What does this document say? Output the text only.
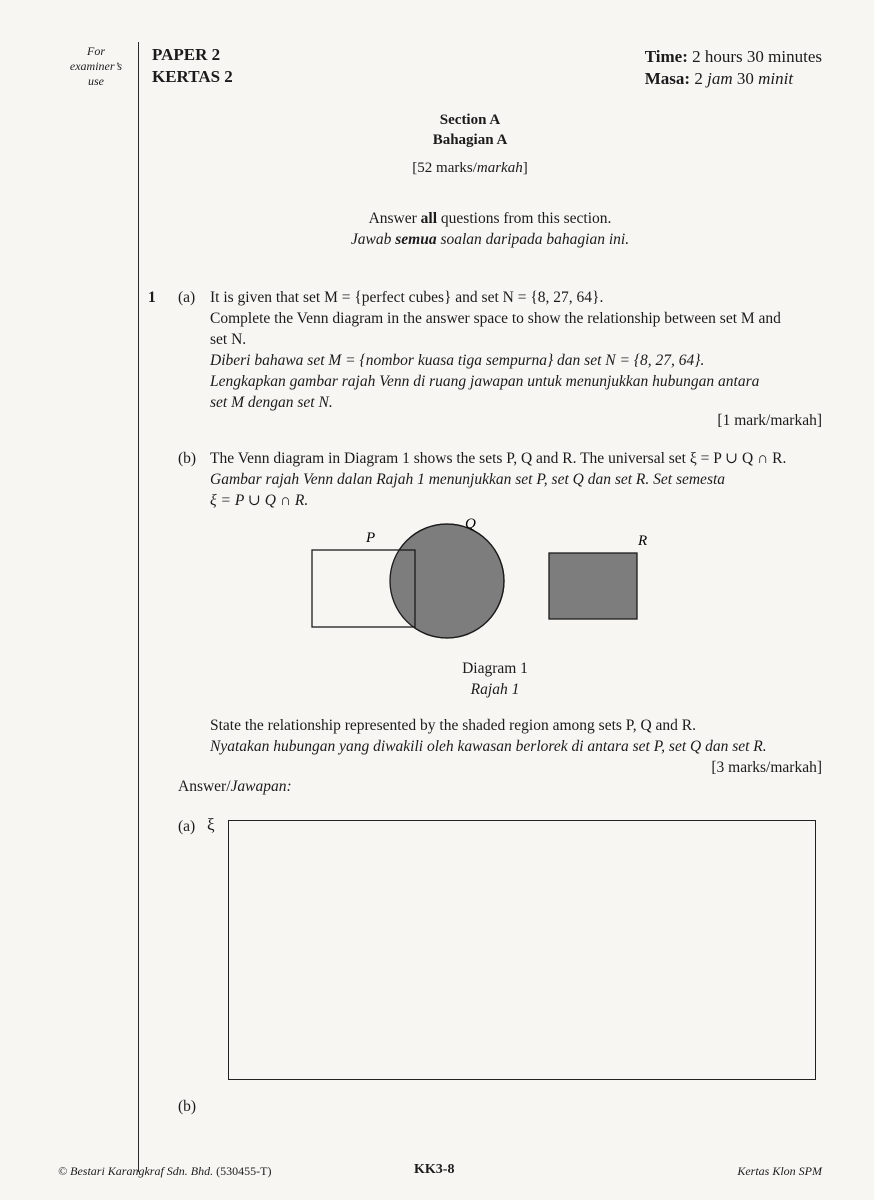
For
examiner’s
use
PAPER 2
KERTAS 2
Time: 2 hours 30 minutes
Masa: 2 jam 30 minit
Section A
Bahagian A
[52 marks/markah]
Answer all questions from this section.
Jawab semua soalan daripada bahagian ini.
1 (a) It is given that set M = {perfect cubes} and set N = {8, 27, 64}.
Complete the Venn diagram in the answer space to show the relationship between set M and
set N.
Diberi bahawa set M = {nombor kuasa tiga sempurna} dan set N = {8, 27, 64}.
Lengkapkan gambar rajah Venn di ruang jawapan untuk menunjukkan hubungan antara
set M dengan set N.
[1 mark/markah]
(b) The Venn diagram in Diagram 1 shows the sets P, Q and R. The universal set ξ = P ∪ Q ∩ R.
Gambar rajah Venn dalan Rajah 1 menunjukkan set P, set Q dan set R. Set semesta
ξ = P ∪ Q ∩ R.
P
Q
R
Diagram 1
Rajah 1
State the relationship represented by the shaded region among sets P, Q and R.
Nyatakan hubungan yang diwakili oleh kawasan berlorek di antara set P, set Q dan set R.
[3 marks/markah]
Answer/Jawapan:
(a) ξ
(b)
© Bestari Karangkraf Sdn. Bhd. (530455-T)	KK3-8	Kertas Klon SPM
